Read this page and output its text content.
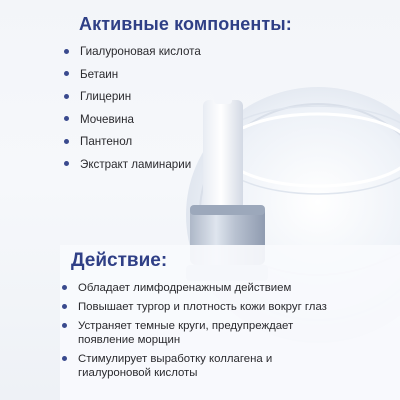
Активные компоненты:
Гиалуроновая кислота
Бетаин
Глицерин
Мочевина
Пантенол
Экстракт ламинарии
Действие:
Обладает лимфодренажным действием
Повышает тургор и плотность кожи вокруг глаз
Устраняет темные круги, предупреждает появление морщин
Стимулирует выработку коллагена и гиалуроновой кислоты
